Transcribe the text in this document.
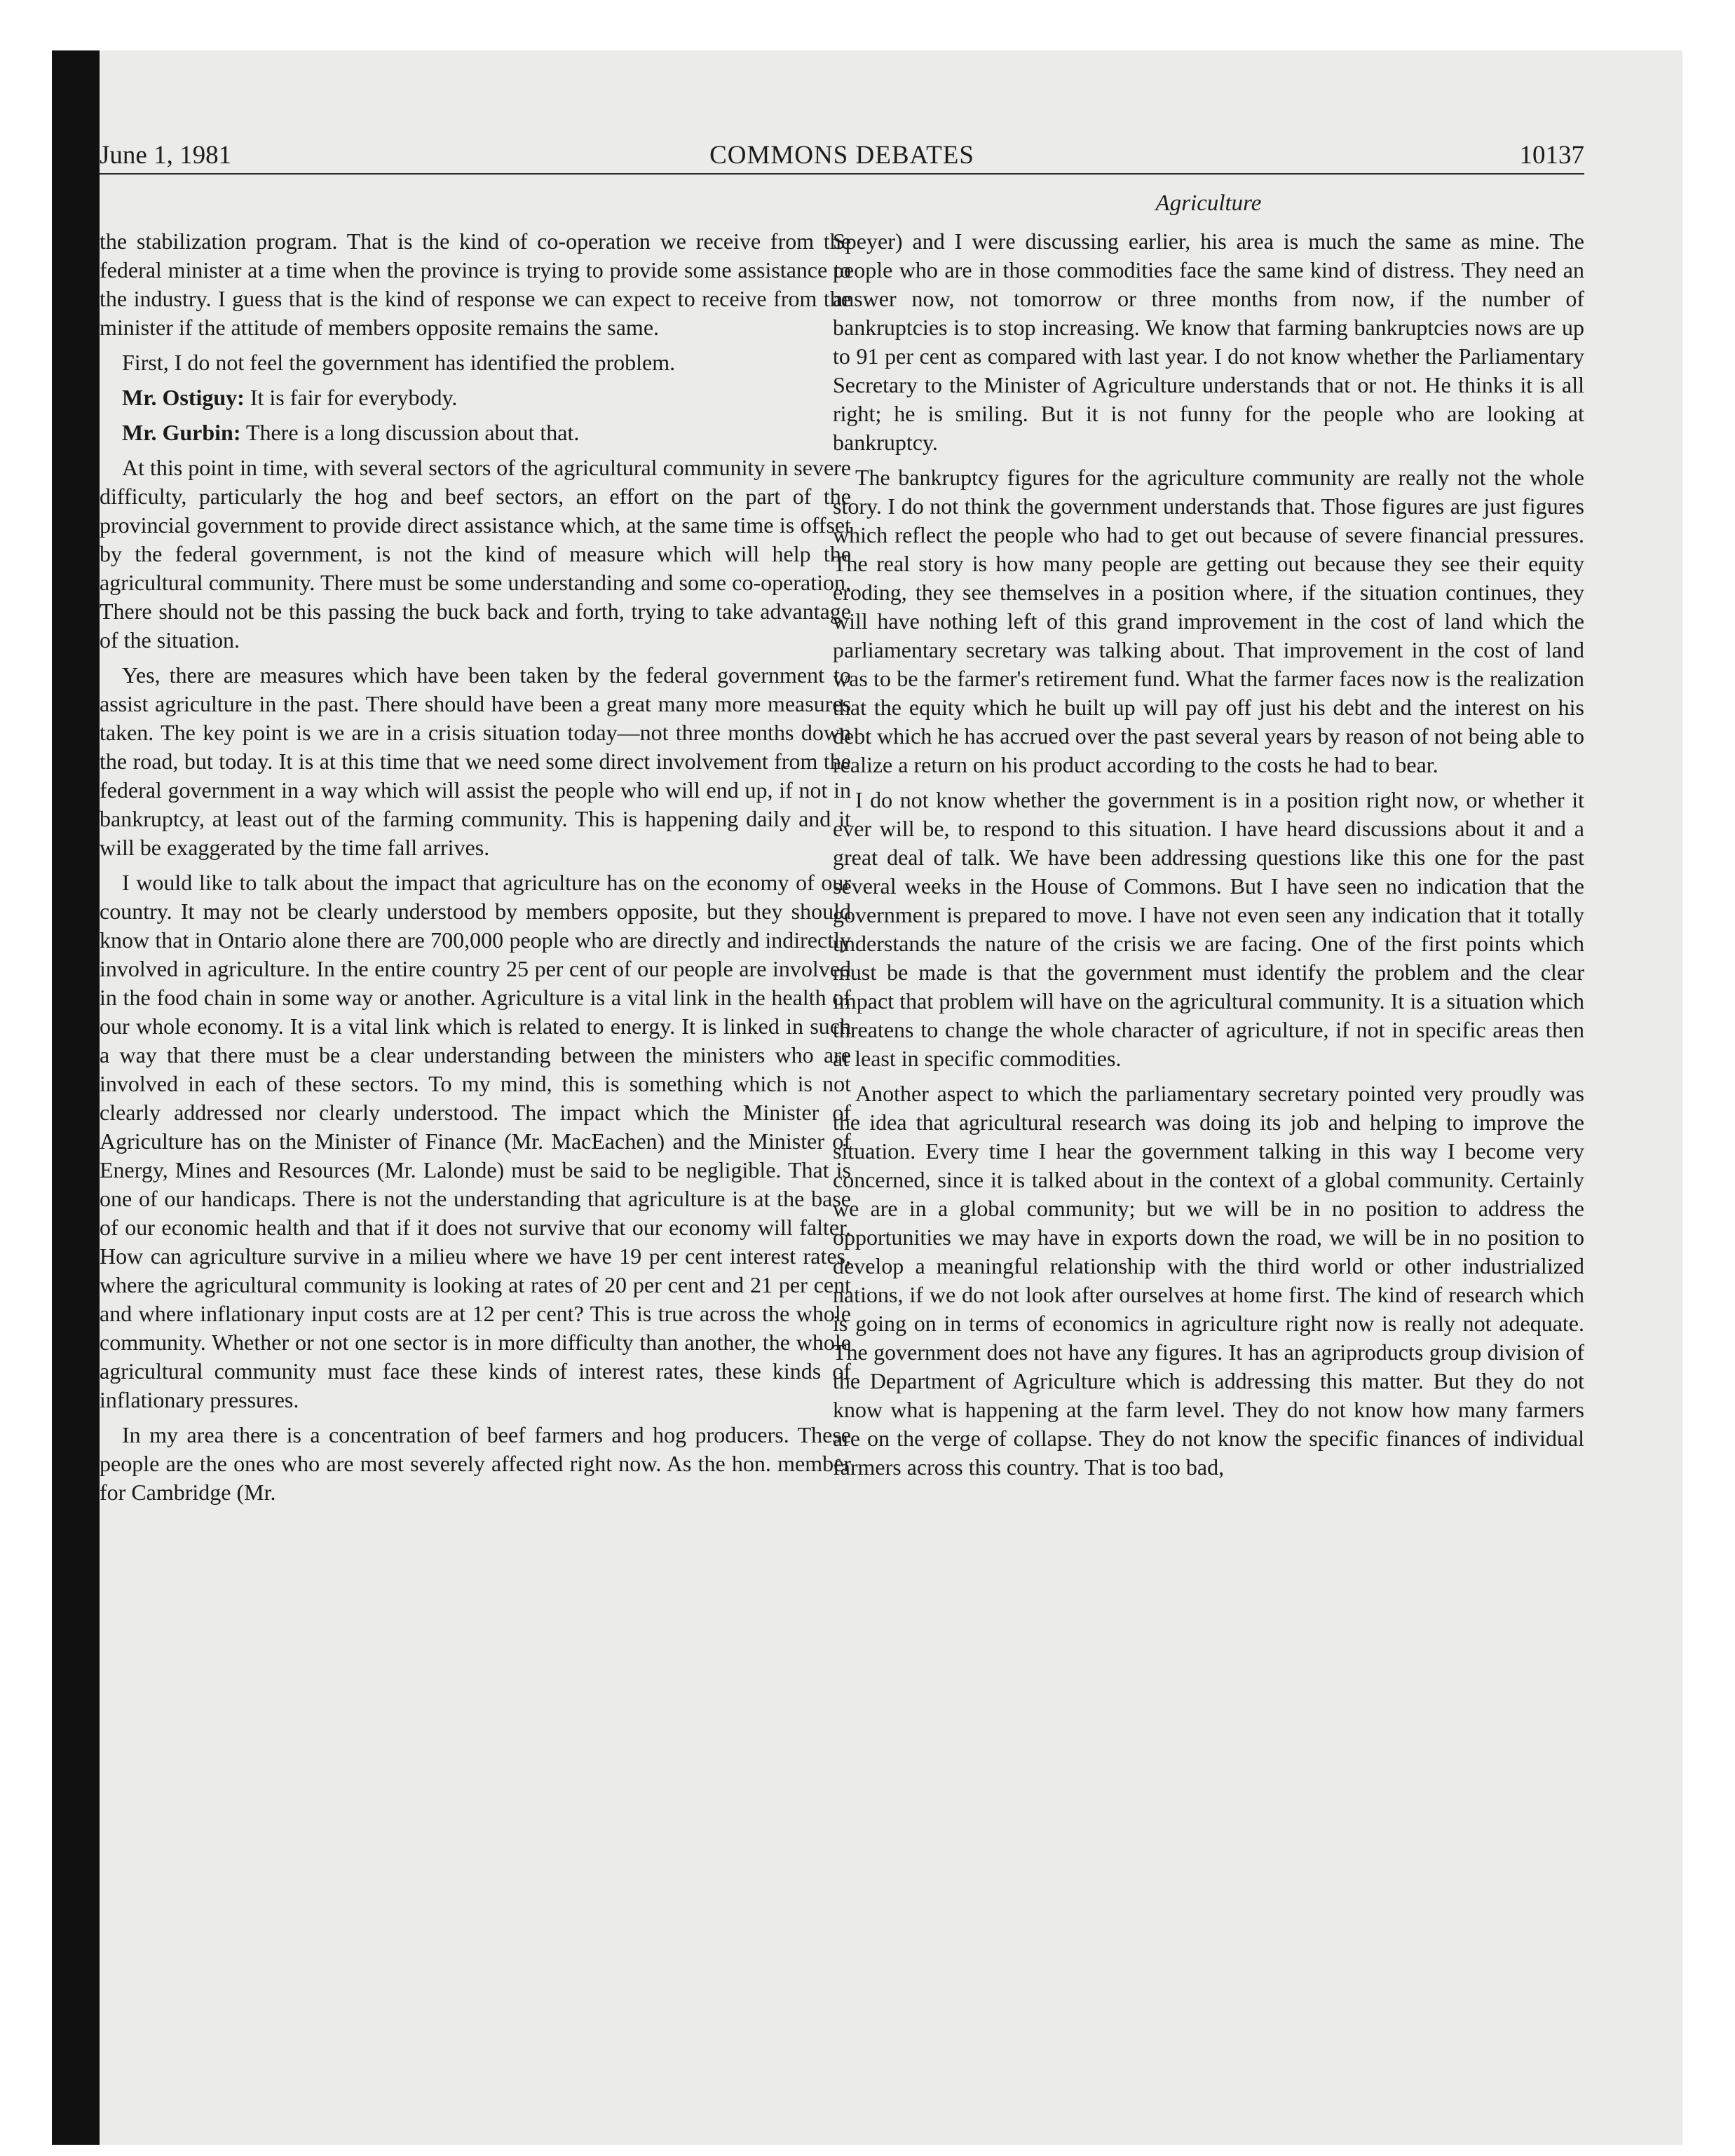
June 1, 1981	COMMONS DEBATES	10137
Agriculture

the stabilization program. That is the kind of co-operation we receive from the federal minister at a time when the province is trying to provide some assistance to the industry. I guess that is the kind of response we can expect to receive from the minister if the attitude of members opposite remains the same.

First, I do not feel the government has identified the problem.

Mr. Ostiguy: It is fair for everybody.

Mr. Gurbin: There is a long discussion about that.

At this point in time, with several sectors of the agricultural community in severe difficulty, particularly the hog and beef sectors, an effort on the part of the provincial government to provide direct assistance which, at the same time is offset by the federal government, is not the kind of measure which will help the agricultural community. There must be some understanding and some co-operation. There should not be this passing the buck back and forth, trying to take advantage of the situation.

Yes, there are measures which have been taken by the federal government to assist agriculture in the past. There should have been a great many more measures taken. The key point is we are in a crisis situation today—not three months down the road, but today. It is at this time that we need some direct involvement from the federal government in a way which will assist the people who will end up, if not in bankruptcy, at least out of the farming community. This is happening daily and it will be exaggerated by the time fall arrives.

I would like to talk about the impact that agriculture has on the economy of our country. It may not be clearly understood by members opposite, but they should know that in Ontario alone there are 700,000 people who are directly and indirectly involved in agriculture. In the entire country 25 per cent of our people are involved in the food chain in some way or another. Agriculture is a vital link in the health of our whole economy. It is a vital link which is related to energy. It is linked in such a way that there must be a clear understanding between the ministers who are involved in each of these sectors. To my mind, this is something which is not clearly addressed nor clearly understood. The impact which the Minister of Agriculture has on the Minister of Finance (Mr. MacEachen) and the Minister of Energy, Mines and Resources (Mr. Lalonde) must be said to be negligible. That is one of our handicaps. There is not the understanding that agriculture is at the base of our economic health and that if it does not survive that our economy will falter. How can agriculture survive in a milieu where we have 19 per cent interest rates, where the agricultural community is looking at rates of 20 per cent and 21 per cent and where inflationary input costs are at 12 per cent? This is true across the whole community. Whether or not one sector is in more difficulty than another, the whole agricultural community must face these kinds of interest rates, these kinds of inflationary pressures.

In my area there is a concentration of beef farmers and hog producers. These people are the ones who are most severely affected right now. As the hon. member for Cambridge (Mr.

Speyer) and I were discussing earlier, his area is much the same as mine. The people who are in those commodities face the same kind of distress. They need an answer now, not tomorrow or three months from now, if the number of bankruptcies is to stop increasing. We know that farming bankruptcies nows are up to 91 per cent as compared with last year. I do not know whether the Parliamentary Secretary to the Minister of Agriculture understands that or not. He thinks it is all right; he is smiling. But it is not funny for the people who are looking at bankruptcy.

The bankruptcy figures for the agriculture community are really not the whole story. I do not think the government understands that. Those figures are just figures which reflect the people who had to get out because of severe financial pressures. The real story is how many people are getting out because they see their equity eroding, they see themselves in a position where, if the situation continues, they will have nothing left of this grand improvement in the cost of land which the parliamentary secretary was talking about. That improvement in the cost of land was to be the farmer's retirement fund. What the farmer faces now is the realization that the equity which he built up will pay off just his debt and the interest on his debt which he has accrued over the past several years by reason of not being able to realize a return on his product according to the costs he had to bear.

I do not know whether the government is in a position right now, or whether it ever will be, to respond to this situation. I have heard discussions about it and a great deal of talk. We have been addressing questions like this one for the past several weeks in the House of Commons. But I have seen no indication that the government is prepared to move. I have not even seen any indication that it totally understands the nature of the crisis we are facing. One of the first points which must be made is that the government must identify the problem and the clear impact that problem will have on the agricultural community. It is a situation which threatens to change the whole character of agriculture, if not in specific areas then at least in specific commodities.

Another aspect to which the parliamentary secretary pointed very proudly was the idea that agricultural research was doing its job and helping to improve the situation. Every time I hear the government talking in this way I become very concerned, since it is talked about in the context of a global community. Certainly we are in a global community; but we will be in no position to address the opportunities we may have in exports down the road, we will be in no position to develop a meaningful relationship with the third world or other industrialized nations, if we do not look after ourselves at home first. The kind of research which is going on in terms of economics in agriculture right now is really not adequate. The government does not have any figures. It has an agriproducts group division of the Department of Agriculture which is addressing this matter. But they do not know what is happening at the farm level. They do not know how many farmers are on the verge of collapse. They do not know the specific finances of individual farmers across this country. That is too bad,
